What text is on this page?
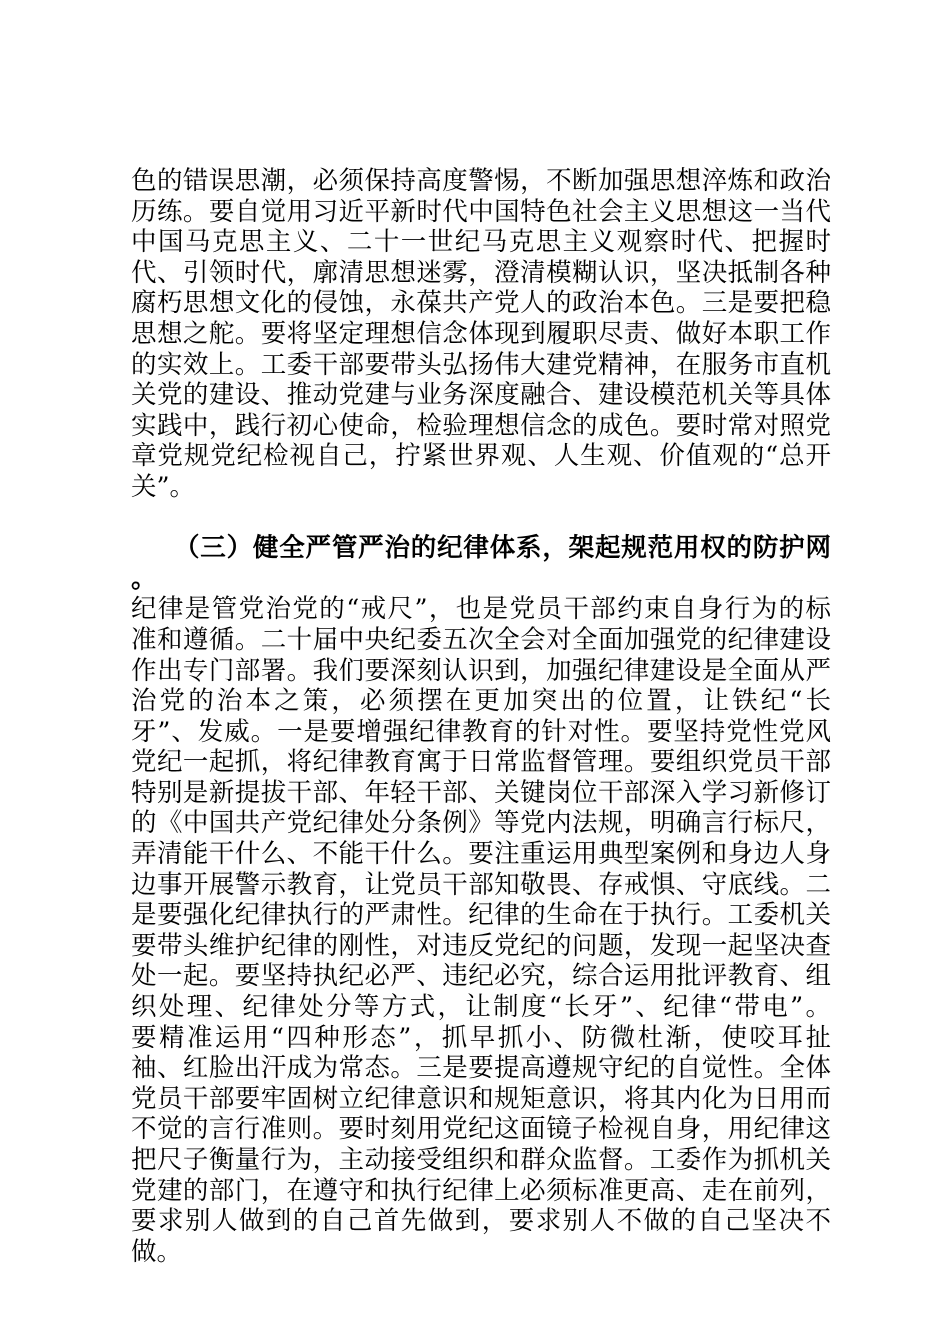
色的错误思潮，必须保持高度警惕，不断加强思想淬炼和政治
历练。要自觉用习近平新时代中国特色社会主义思想这一当代
中国马克思主义、二十一世纪马克思主义观察时代、把握时
代、引领时代，廓清思想迷雾，澄清模糊认识，坚决抵制各种
腐朽思想文化的侵蚀，永葆共产党人的政治本色。三是要把稳
思想之舵。要将坚定理想信念体现到履职尽责、做好本职工作
的实效上。工委干部要带头弘扬伟大建党精神，在服务市直机
关党的建设、推动党建与业务深度融合、建设模范机关等具体
实践中，践行初心使命，检验理想信念的成色。要时常对照党
章党规党纪检视自己，拧紧世界观、人生观、价值观的“总开
关”。
（三）健全严管严治的纪律体系，架起规范用权的防护网。
纪律是管党治党的“戒尺”，也是党员干部约束自身行为的标
准和遵循。二十届中央纪委五次全会对全面加强党的纪律建设
作出专门部署。我们要深刻认识到，加强纪律建设是全面从严
治党的治本之策，必须摆在更加突出的位置，让铁纪“长
牙”、发威。一是要增强纪律教育的针对性。要坚持党性党风
党纪一起抓，将纪律教育寓于日常监督管理。要组织党员干部
特别是新提拔干部、年轻干部、关键岗位干部深入学习新修订
的《中国共产党纪律处分条例》等党内法规，明确言行标尺，
弄清能干什么、不能干什么。要注重运用典型案例和身边人身
边事开展警示教育，让党员干部知敬畏、存戒惧、守底线。二
是要强化纪律执行的严肃性。纪律的生命在于执行。工委机关
要带头维护纪律的刚性，对违反党纪的问题，发现一起坚决查
处一起。要坚持执纪必严、违纪必究，综合运用批评教育、组
织处理、纪律处分等方式，让制度“长牙”、纪律“带电”。
要精准运用“四种形态”，抓早抓小、防微杜渐，使咬耳扯
袖、红脸出汗成为常态。三是要提高遵规守纪的自觉性。全体
党员干部要牢固树立纪律意识和规矩意识，将其内化为日用而
不觉的言行准则。要时刻用党纪这面镜子检视自身，用纪律这
把尺子衡量行为，主动接受组织和群众监督。工委作为抓机关
党建的部门，在遵守和执行纪律上必须标准更高、走在前列，
要求别人做到的自己首先做到，要求别人不做的自己坚决不
做。
